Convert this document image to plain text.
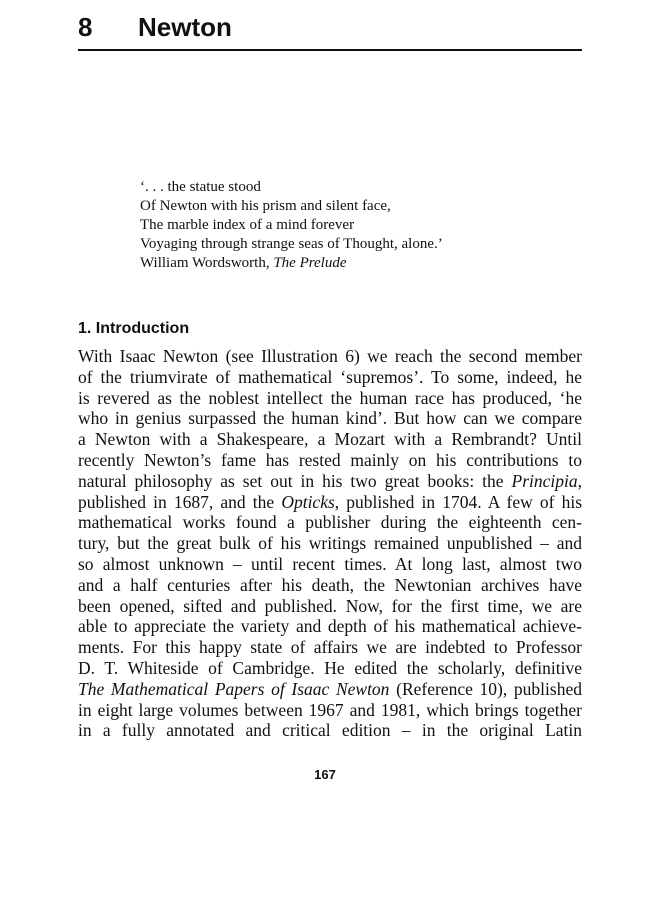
8 Newton
‘. . . the statue stood
Of Newton with his prism and silent face,
The marble index of a mind forever
Voyaging through strange seas of Thought, alone.’
William Wordsworth, The Prelude
1. Introduction
With Isaac Newton (see Illustration 6) we reach the second member
of the triumvirate of mathematical ‘supremos’. To some, indeed, he
is revered as the noblest intellect the human race has produced, ‘he
who in genius surpassed the human kind’. But how can we compare
a Newton with a Shakespeare, a Mozart with a Rembrandt? Until
recently Newton’s fame has rested mainly on his contributions to
natural philosophy as set out in his two great books: the Principia,
published in 1687, and the Opticks, published in 1704. A few of his
mathematical works found a publisher during the eighteenth cen-
tury, but the great bulk of his writings remained unpublished – and
so almost unknown – until recent times. At long last, almost two
and a half centuries after his death, the Newtonian archives have
been opened, sifted and published. Now, for the first time, we are
able to appreciate the variety and depth of his mathematical achieve-
ments. For this happy state of affairs we are indebted to Professor
D. T. Whiteside of Cambridge. He edited the scholarly, definitive
The Mathematical Papers of Isaac Newton (Reference 10), published
in eight large volumes between 1967 and 1981, which brings together
in a fully annotated and critical edition – in the original Latin
167
